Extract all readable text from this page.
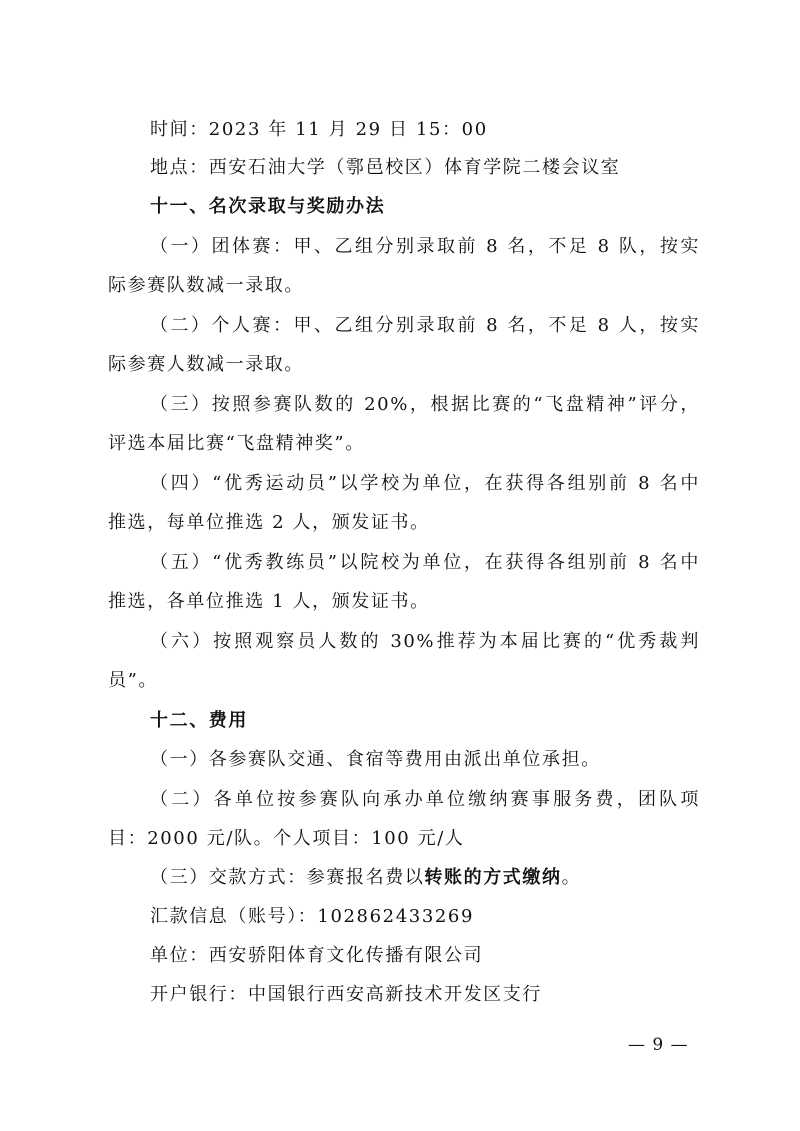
时间：2023 年 11 月 29 日 15：00
地点：西安石油大学（鄠邑校区）体育学院二楼会议室
十一、名次录取与奖励办法
（一）团体赛：甲、乙组分别录取前 8 名，不足 8 队，按实
际参赛队数减一录取。
（二）个人赛：甲、乙组分别录取前 8 名，不足 8 人，按实
际参赛人数减一录取。
（三）按照参赛队数的 20%，根据比赛的“飞盘精神”评分，
评选本届比赛“飞盘精神奖”。
（四）“优秀运动员”以学校为单位，在获得各组别前 8 名中
推选，每单位推选 2 人，颁发证书。
（五）“优秀教练员”以院校为单位，在获得各组别前 8 名中
推选，各单位推选 1 人，颁发证书。
（六）按照观察员人数的 30%推荐为本届比赛的“优秀裁判
员”。
十二、费用
（一）各参赛队交通、食宿等费用由派出单位承担。
（二）各单位按参赛队向承办单位缴纳赛事服务费，团队项
目：2000 元/队。个人项目：100 元/人
（三）交款方式：参赛报名费以转账的方式缴纳。
汇款信息（账号）：102862433269
单位：西安骄阳体育文化传播有限公司
开户银行：中国银行西安高新技术开发区支行
— 9 —
